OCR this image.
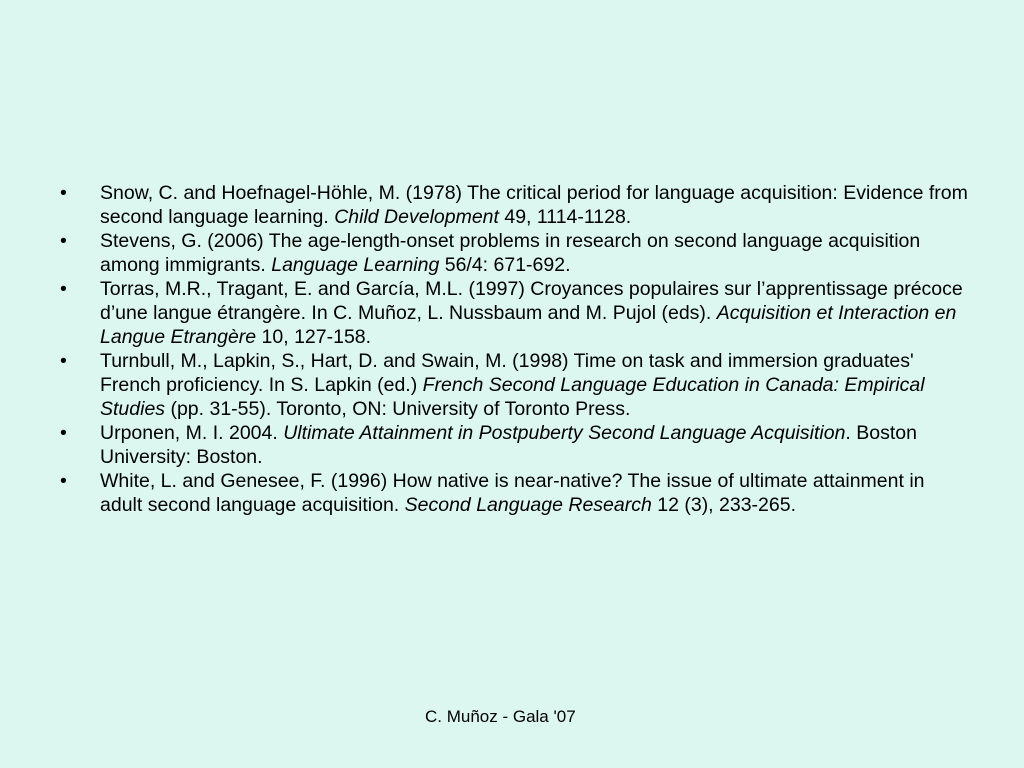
•	Snow, C. and Hoefnagel-Höhle, M. (1978) The critical period for language acquisition: Evidence from second language learning. Child Development 49, 1114-1128.
•	Stevens, G. (2006) The age-length-onset problems in research on second language acquisition among immigrants. Language Learning 56/4: 671-692.
•	Torras, M.R., Tragant, E. and García, M.L. (1997) Croyances populaires sur l’apprentissage précoce d’une langue étrangère. In C. Muñoz, L. Nussbaum and M. Pujol (eds). Acquisition et Interaction en Langue Etrangère 10, 127-158.
•	Turnbull, M., Lapkin, S., Hart, D. and Swain, M. (1998) Time on task and immersion graduates' French proficiency. In S. Lapkin (ed.) French Second Language Education in Canada: Empirical Studies (pp. 31-55). Toronto, ON: University of Toronto Press.
•	Urponen, M. I. 2004. Ultimate Attainment in Postpuberty Second Language Acquisition. Boston University: Boston.
•	White, L. and Genesee, F. (1996) How native is near-native? The issue of ultimate attainment in adult second language acquisition. Second Language Research 12 (3), 233-265.
C. Muñoz - Gala '07
